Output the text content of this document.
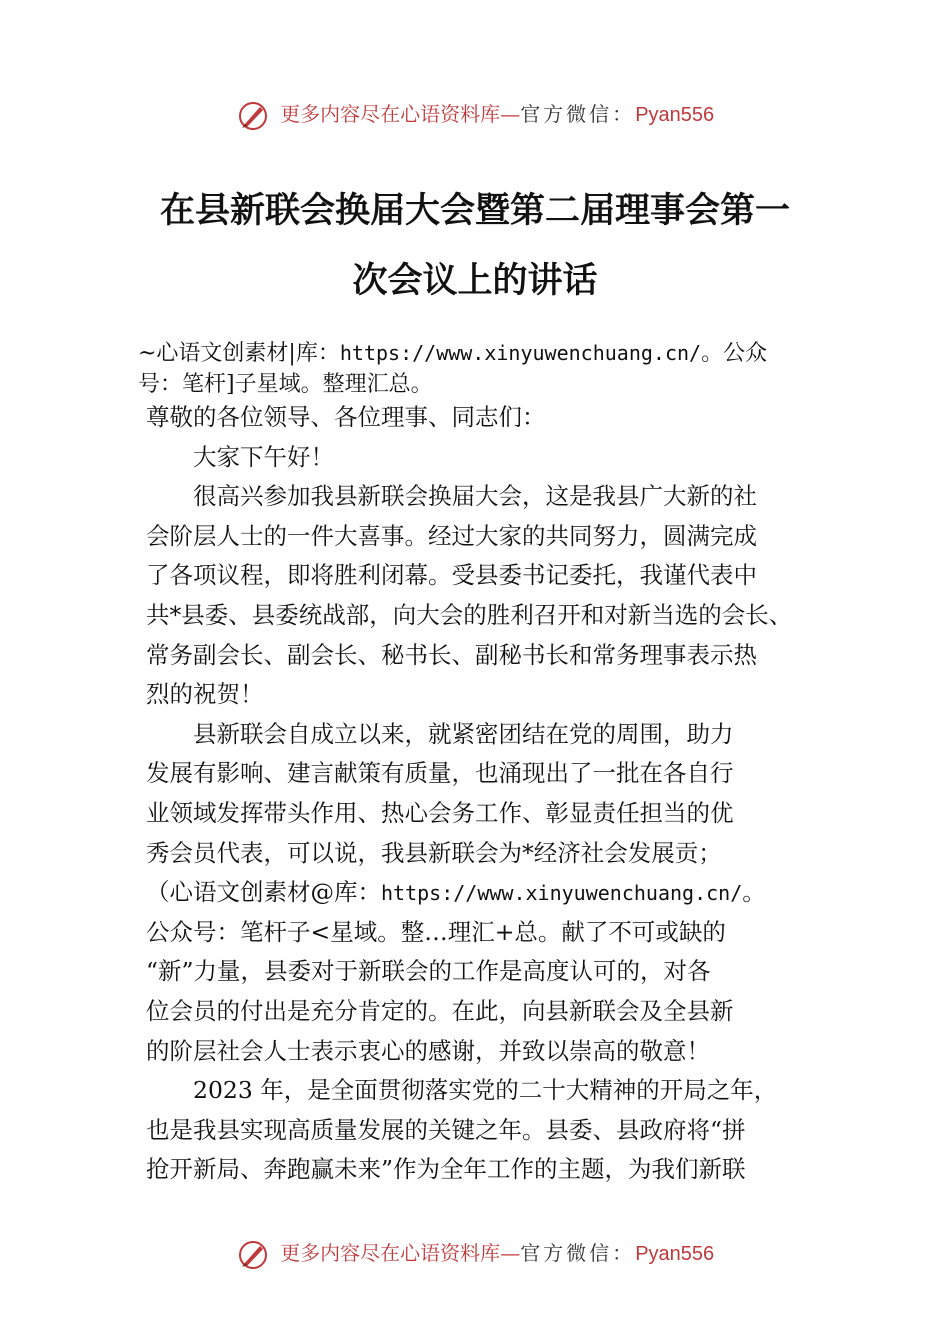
更多内容尽在心语资料库—官方微信：Pyan556
在县新联会换届大会暨第二届理事会第一
次会议上的讲话
~心语文创素材|库：https://www.xinyuwenchuang.cn/。公众
号：笔杆]子星域。整理汇总。
尊敬的各位领导、各位理事、同志们：
大家下午好！
很高兴参加我县新联会换届大会，这是我县广大新的社
会阶层人士的一件大喜事。经过大家的共同努力，圆满完成
了各项议程，即将胜利闭幕。受县委书记委托，我谨代表中
共*县委、县委统战部，向大会的胜利召开和对新当选的会长、
常务副会长、副会长、秘书长、副秘书长和常务理事表示热
烈的祝贺！
县新联会自成立以来，就紧密团结在党的周围，助力
发展有影响、建言献策有质量，也涌现出了一批在各自行
业领域发挥带头作用、热心会务工作、彰显责任担当的优
秀会员代表，可以说，我县新联会为*经济社会发展贡；
（心语文创素材@库：https://www.xinyuwenchuang.cn/。
公众号：笔杆子<星域。整…理汇+总。献了不可或缺的
“新”力量，县委对于新联会的工作是高度认可的，对各
位会员的付出是充分肯定的。在此，向县新联会及全县新
的阶层社会人士表示衷心的感谢，并致以崇高的敬意！
2023 年，是全面贯彻落实党的二十大精神的开局之年，
也是我县实现高质量发展的关键之年。县委、县政府将“拼
抢开新局、奔跑赢未来”作为全年工作的主题，为我们新联
更多内容尽在心语资料库—官方微信：Pyan556
